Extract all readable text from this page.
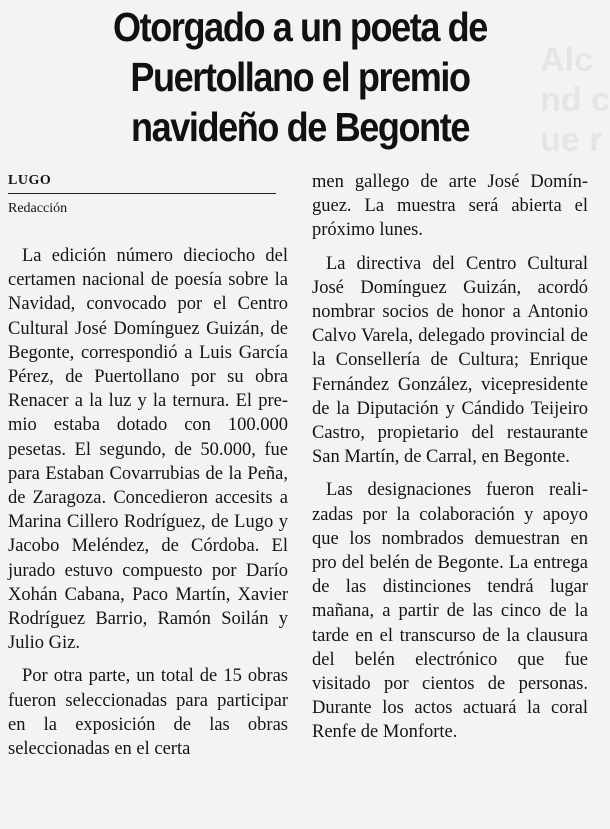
Alc
nd c
ue r
Otorgado a un poeta de
Puertollano el premio
navideño de Begonte
LUGO
Redacción

La edición número dieciocho del certamen nacional de poesía sobre la Navidad, convocado por el Centro Cultural José Domínguez Guizán, de Begonte, correspondió a Luis García Pérez, de Puertollano por su obra Renacer a la luz y la ternura. El premio estaba dotado con 100.000 pesetas. El segundo, de 50.000, fue para Estaban Covarrubias de la Peña, de Zaragoza. Concedieron accesits a Marina Cillero Rodríguez, de Lugo y Jacobo Meléndez, de Córdoba. El jurado estuvo compuesto por Darío Xohán Cabana, Paco Martín, Xavier Rodríguez Barrio, Ramón Soilán y Julio Giz.

Por otra parte, un total de 15 obras fueron seleccionadas para participar en la exposición de las obras seleccionadas en el certa

men gallego de arte José Domínguez. La muestra será abierta el próximo lunes.

La directiva del Centro Cultural José Domínguez Guizán, acordó nombrar socios de honor a Antonio Calvo Varela, delegado provincial de la Consellería de Cultura; Enrique Fernández González, vicepresidente de la Diputación y Cándido Teijeiro Castro, propietario del restaurante San Martín, de Carral, en Begonte.

Las designaciones fueron realizadas por la colaboración y apoyo que los nombrados demuestran en pro del belén de Begonte. La entrega de las distinciones tendrá lugar mañana, a partir de las cinco de la tarde en el transcurso de la clausura del belén electrónico que fue visitado por cientos de personas. Durante los actos actuará la coral Renfe de Monforte.
